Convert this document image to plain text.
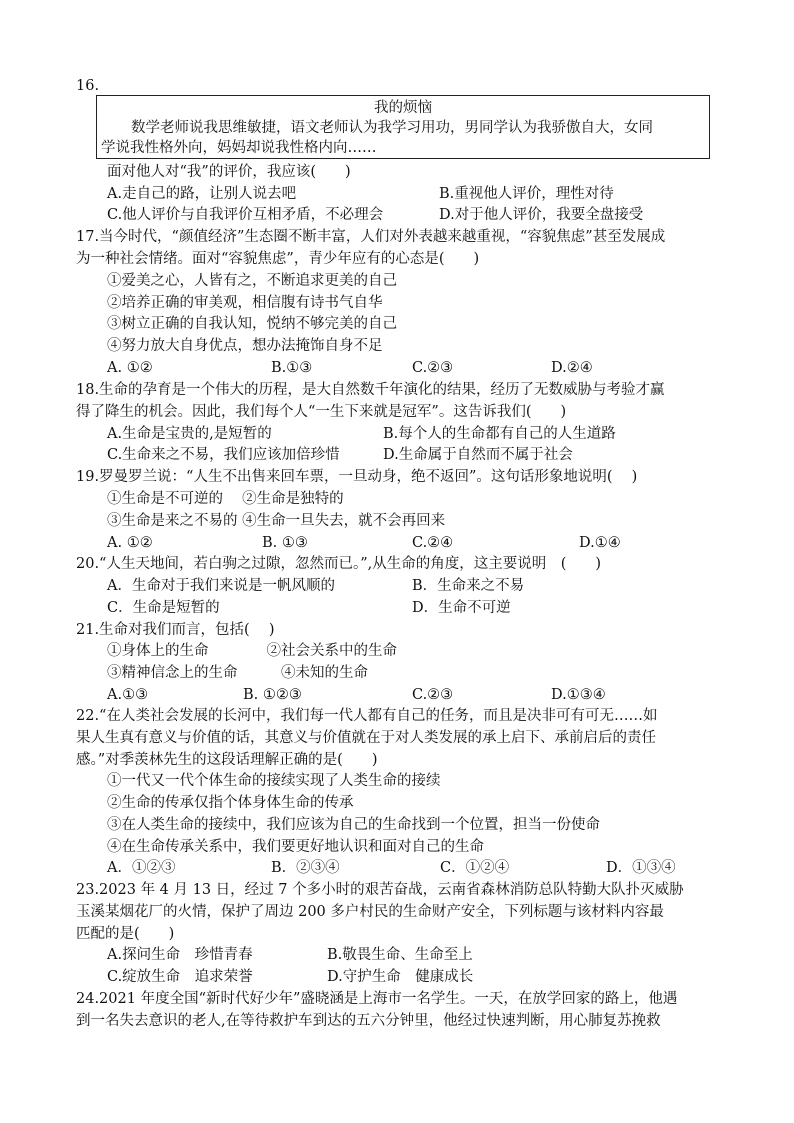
16.
我的烦恼
数学老师说我思维敏捷，语文老师认为我学习用功，男同学认为我骄傲自大，女同
学说我性格外向，妈妈却说我性格内向……
面对他人对“我”的评价，我应该(　　)
A.走自己的路，让别人说去吧	B.重视他人评价，理性对待
C.他人评价与自我评价互相矛盾，不必理会	D.对于他人评价，我要全盘接受
17.当今时代，“颜值经济”生态圈不断丰富，人们对外表越来越重视，“容貌焦虑”甚至发展成
为一种社会情绪。面对“容貌焦虑”，青少年应有的心态是(　　)
①爱美之心，人皆有之，不断追求更美的自己
②培养正确的审美观，相信腹有诗书气自华
③树立正确的自我认知，悦纳不够完美的自己
④努力放大自身优点，想办法掩饰自身不足
A. ①②	B.①③	C.②③	D.②④
18.生命的孕育是一个伟大的历程，是大自然数千年演化的结果，经历了无数威胁与考验才赢
得了降生的机会。因此，我们每个人“一生下来就是冠军”。这告诉我们(　　)
A.生命是宝贵的,是短暂的	B.每个人的生命都有自己的人生道路
C.生命来之不易，我们应该加倍珍惜	D.生命属于自然而不属于社会
19.罗曼罗兰说：“人生不出售来回车票，一旦动身，绝不返回”。这句话形象地说明(　 )
①生命是不可逆的　 ②生命是独特的
③生命是来之不易的 ④生命一旦失去，就不会再回来
A. ①②	B. ①③	C.②④	D.①④
20.“人生天地间，若白驹之过隙，忽然而已。”,从生命的角度，这主要说明　(　　)
A．生命对于我们来说是一帆风顺的	B．生命来之不易
C．生命是短暂的	D．生命不可逆
21.生命对我们而言，包括(　 )
①身体上的生命　　　　②社会关系中的生命
③精神信念上的生命　　　④未知的生命
A.①③	B. ①②③	C.②③	D.①③④
22.“在人类社会发展的长河中，我们每一代人都有自己的任务，而且是决非可有可无……如
果人生真有意义与价值的话，其意义与价值就在于对人类发展的承上启下、承前启后的责任
感。”对季羡林先生的这段话理解正确的是(　　)
①一代又一代个体生命的接续实现了人类生命的接续
②生命的传承仅指个体身体生命的传承
③在人类生命的接续中，我们应该为自己的生命找到一个位置，担当一份使命
④在生命传承关系中，我们要更好地认识和面对自己的生命
A．①②③	B．②③④	C．①②④	D．①③④
23.2023 年 4 月 13 日，经过 7 个多小时的艰苦奋战，云南省森林消防总队特勤大队扑灭威胁
玉溪某烟花厂的火情，保护了周边 200 多户村民的生命财产安全，下列标题与该材料内容最
匹配的是(　　)
A.探问生命　珍惜青春	B.敬畏生命、生命至上
C.绽放生命　追求荣誉	D.守护生命　健康成长
24.2021 年度全国“新时代好少年”盛晓涵是上海市一名学生。一天，在放学回家的路上，他遇
到一名失去意识的老人,在等待救护车到达的五六分钟里，他经过快速判断，用心肺复苏挽救
